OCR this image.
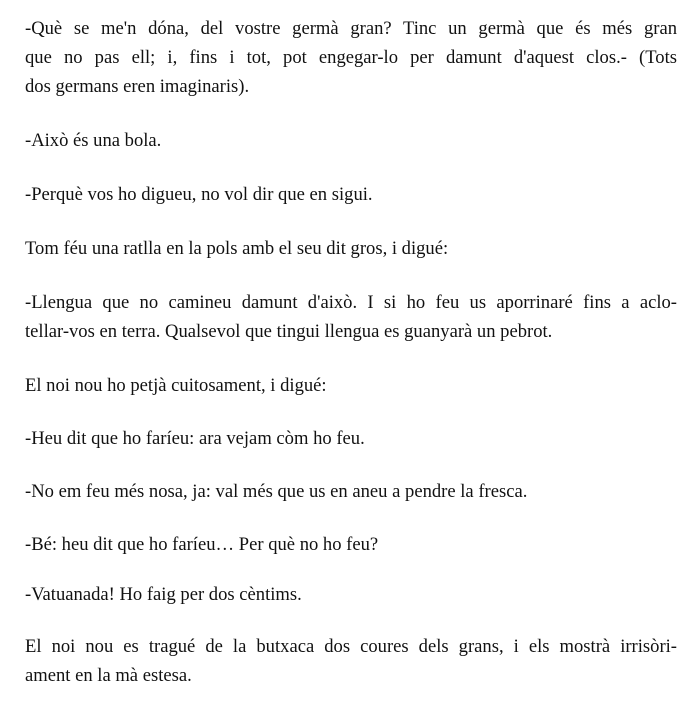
-Què se me'n dóna, del vostre germà gran? Tinc un germà que és més gran
que no pas ell; i, fins i tot, pot engegar-lo per damunt d'aquest clos.- (Tots
dos germans eren imaginaris).

-Això és una bola.

-Perquè vos ho digueu, no vol dir que en sigui.

Tom féu una ratlla en la pols amb el seu dit gros, i digué:

-Llengua que no camineu damunt d'això. I si ho feu us aporrinaré fins a aclo-
tellar-vos en terra. Qualsevol que tingui llengua es guanyarà un pebrot.

El noi nou ho petjà cuitosament, i digué:

-Heu dit que ho faríeu: ara vejam còm ho feu.

-No em feu més nosa, ja: val més que us en aneu a pendre la fresca.

-Bé: heu dit que ho faríeu… Per què no ho feu?

-Vatuanada! Ho faig per dos cèntims.

El noi nou es tragué de la butxaca dos coures dels grans, i els mostrà irrisòri-
ament en la mà estesa.
